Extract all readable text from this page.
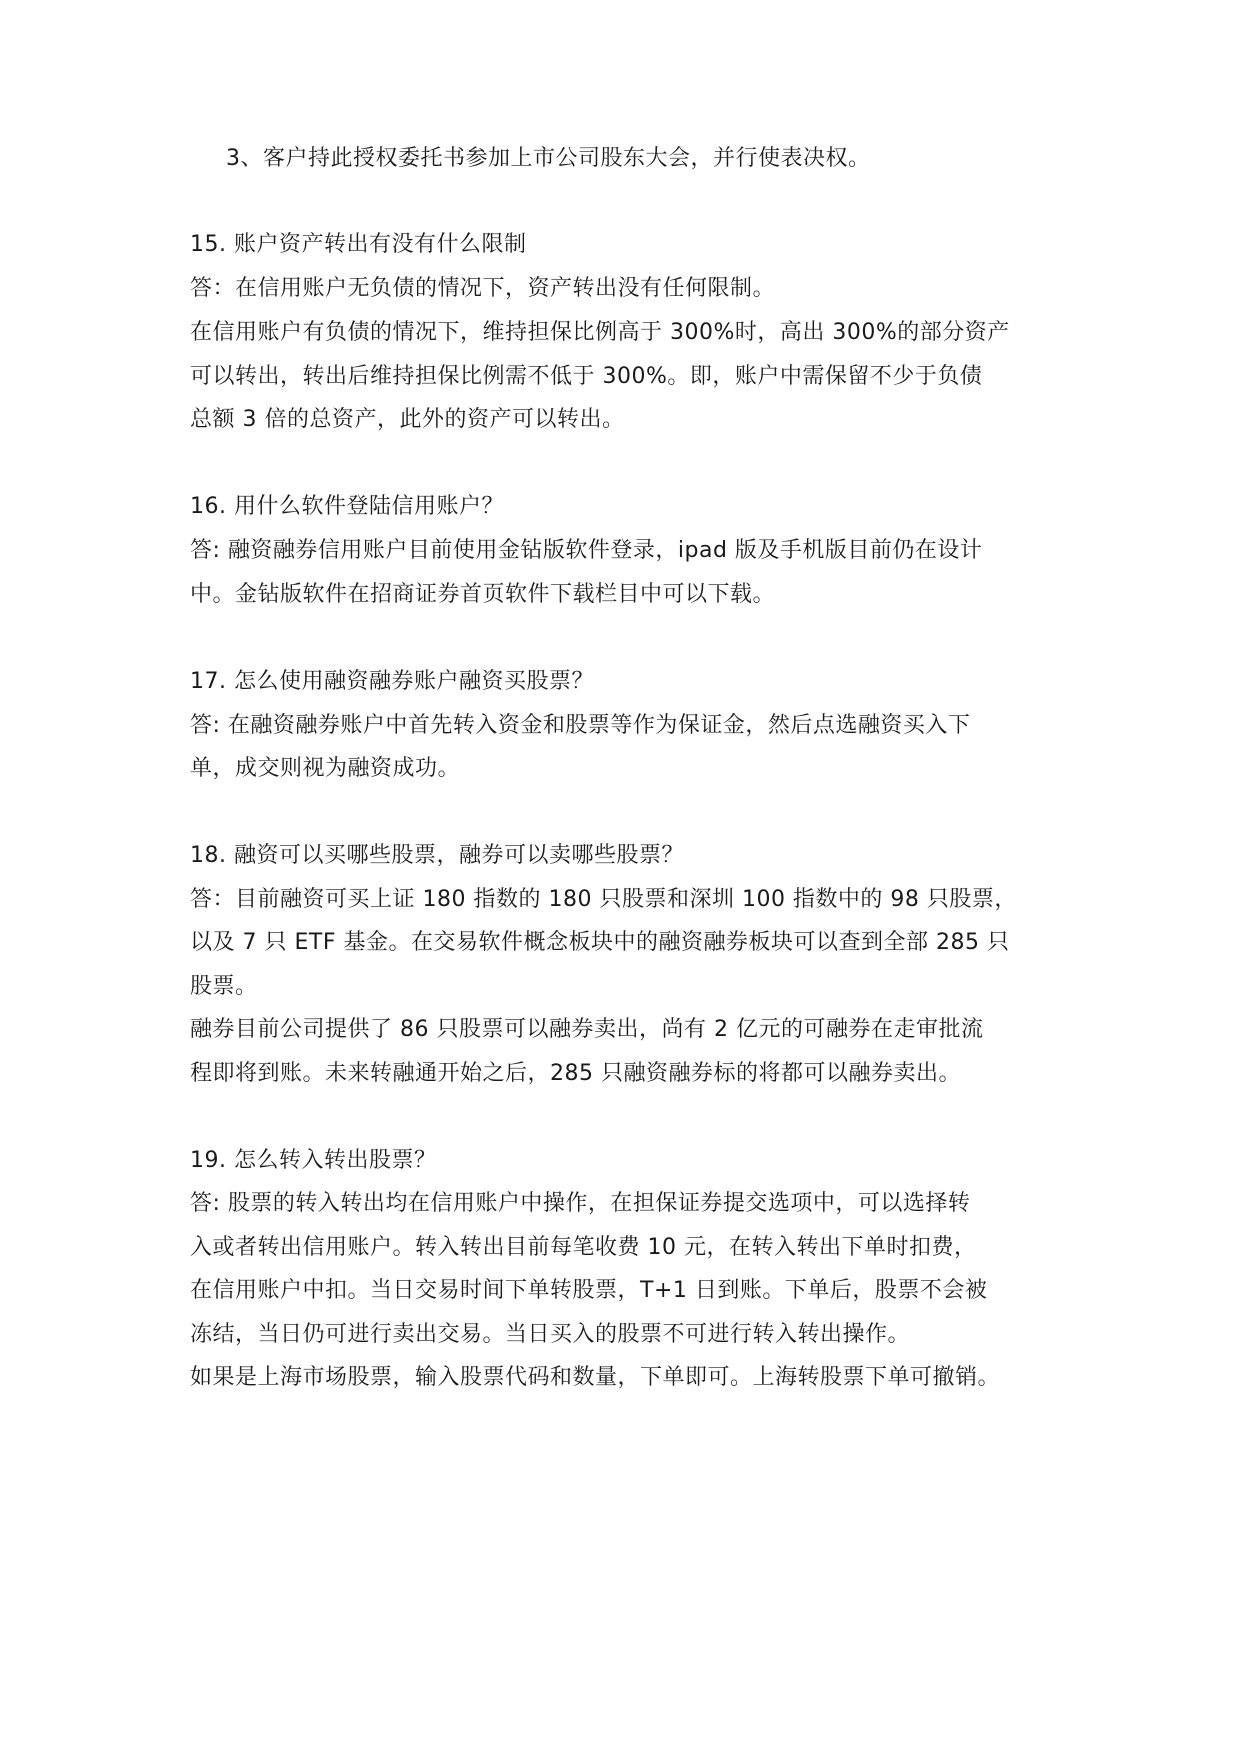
3、客户持此授权委托书参加上市公司股东大会，并行使表决权。
15. 账户资产转出有没有什么限制
答：在信用账户无负债的情况下，资产转出没有任何限制。
在信用账户有负债的情况下，维持担保比例高于 300%时，高出 300%的部分资产
可以转出，转出后维持担保比例需不低于 300%。即，账户中需保留不少于负债
总额 3 倍的总资产，此外的资产可以转出。
16. 用什么软件登陆信用账户？
答: 融资融券信用账户目前使用金钻版软件登录，ipad 版及手机版目前仍在设计
中。金钻版软件在招商证券首页软件下载栏目中可以下载。
17. 怎么使用融资融券账户融资买股票？
答: 在融资融券账户中首先转入资金和股票等作为保证金，然后点选融资买入下
单，成交则视为融资成功。
18. 融资可以买哪些股票，融券可以卖哪些股票？
答：目前融资可买上证 180 指数的 180 只股票和深圳 100 指数中的 98 只股票，
以及 7 只 ETF 基金。在交易软件概念板块中的融资融券板块可以查到全部 285 只
股票。
融券目前公司提供了 86 只股票可以融券卖出，尚有 2 亿元的可融券在走审批流
程即将到账。未来转融通开始之后，285 只融资融券标的将都可以融券卖出。
19. 怎么转入转出股票？
答: 股票的转入转出均在信用账户中操作，在担保证券提交选项中，可以选择转
入或者转出信用账户。转入转出目前每笔收费 10 元，在转入转出下单时扣费，
在信用账户中扣。当日交易时间下单转股票，T+1 日到账。下单后，股票不会被
冻结，当日仍可进行卖出交易。当日买入的股票不可进行转入转出操作。
如果是上海市场股票，输入股票代码和数量，下单即可。上海转股票下单可撤销。
